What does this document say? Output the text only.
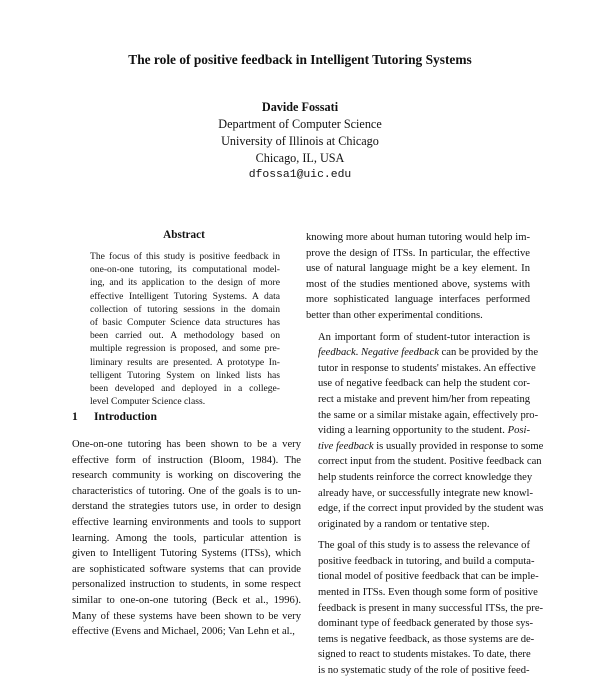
The role of positive feedback in Intelligent Tutoring Systems
Davide Fossati
Department of Computer Science
University of Illinois at Chicago
Chicago, IL, USA
dfossa1@uic.edu
Abstract
The focus of this study is positive feedback in
one-on-one tutoring, its computational model-
ing, and its application to the design of more
effective Intelligent Tutoring Systems. A data
collection of tutoring sessions in the domain
of basic Computer Science data structures has
been carried out. A methodology based on
multiple regression is proposed, and some pre-
liminary results are presented. A prototype In-
telligent Tutoring System on linked lists has
been developed and deployed in a college-
level Computer Science class.
1 Introduction

One-on-one tutoring has been shown to be a very
effective form of instruction (Bloom, 1984). The
research community is working on discovering the
characteristics of tutoring. One of the goals is to un-
derstand the strategies tutors use, in order to design
effective learning environments and tools to support
learning. Among the tools, particular attention is
given to Intelligent Tutoring Systems (ITSs), which
are sophisticated software systems that can provide
personalized instruction to students, in some respect
similar to one-on-one tutoring (Beck et al., 1996).
Many of these systems have been shown to be very
effective (Evens and Michael, 2006; Van Lehn et al.,

knowing more about human tutoring would help im-
prove the design of ITSs. In particular, the effective
use of natural language might be a key element. In
most of the studies mentioned above, systems with
more sophisticated language interfaces performed
better than other experimental conditions.

An important form of student-tutor interaction is
feedback. Negative feedback can be provided by the
tutor in response to students' mistakes. An effective
use of negative feedback can help the student cor-
rect a mistake and prevent him/her from repeating
the same or a similar mistake again, effectively pro-
viding a learning opportunity to the student. Posi-
tive feedback is usually provided in response to some
correct input from the student. Positive feedback can
help students reinforce the correct knowledge they
already have, or successfully integrate new knowl-
edge, if the correct input provided by the student was
originated by a random or tentative step.

The goal of this study is to assess the relevance of
positive feedback in tutoring, and build a computa-
tional model of positive feedback that can be imple-
mented in ITSs. Even though some form of positive
feedback is present in many successful ITSs, the pre-
dominant type of feedback generated by those sys-
tems is negative feedback, as those systems are de-
signed to react to students mistakes. To date, there
is no systematic study of the role of positive feed-
